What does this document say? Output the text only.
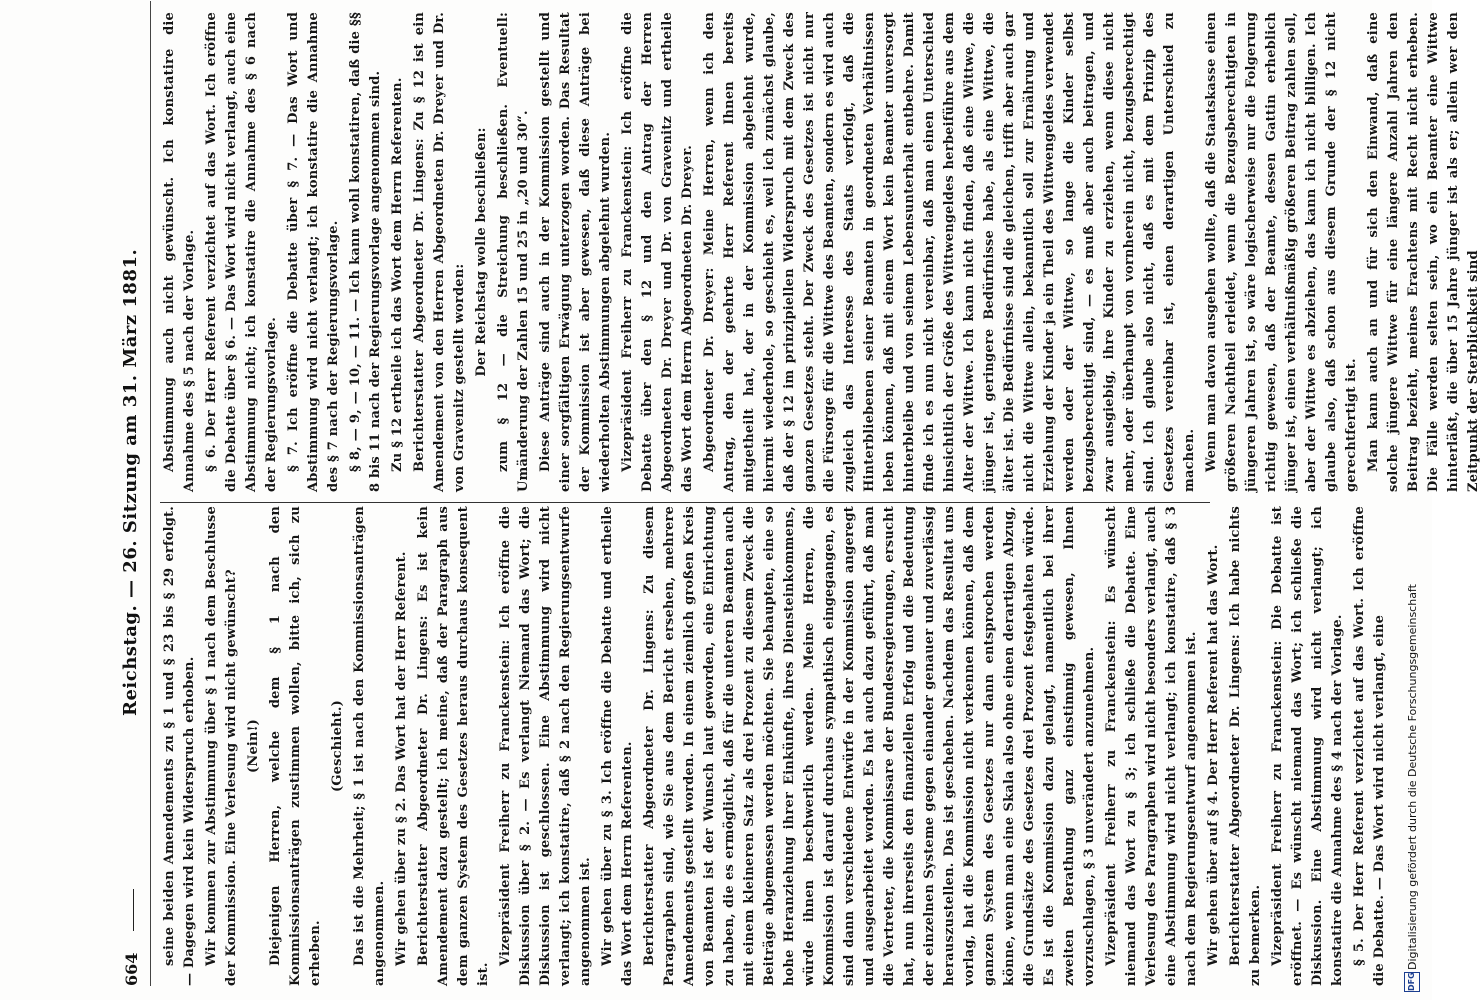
664
Reichstag. — 26. Sitzung am 31. März 1881.

seine beiden Amendements zu § 1 und § 23 bis § 29 erfolgt. — Dagegen wird kein Widerspruch erhoben. Wir kommen zur Abstimmung über § 1 nach dem Beschlusse der Kommission. Eine Verlesung wird nicht gewünscht? (Nein!) Diejenigen Herren, welche dem § 1 nach den Kommissionsanträgen zustimmen wollen, bitte ich, sich zu erheben.

(Geschieht.) Das ist die Mehrheit; § 1 ist nach den Kommissionsanträgen angenommen. Wir gehen über zu § 2. Das Wort hat der Herr Referent. Berichterstatter Abgeordneter Dr. Lingens: Es ist kein Amendement dazu gestellt; ich meine, daß der Paragraph aus dem ganzen System des Gesetzes heraus durchaus konsequent ist.

Vizepräsident Freiherr zu Franckenstein: Ich eröffne die Diskussion über § 2. — Es verlangt Niemand das Wort; die Diskussion ist geschlossen. Eine Abstimmung wird nicht verlangt; ich konstatire, daß § 2 nach den Regierungsentwurfe angenommen ist. Wir gehen über zu § 3. Ich eröffne die Debatte und ertheile das Wort dem Herrn Referenten. Berichterstatter Abgeordneter Dr. Lingens: Zu diesem Paragraphen sind, wie Sie aus dem Bericht ersehen, mehrere Amendements gestellt worden. In einem ziemlich großen Kreis von Beamten ist der Wunsch laut geworden, eine Einrichtung zu haben, die es ermöglicht, daß für die unteren Beamten auch mit einem kleineren Satz als drei Prozent zu diesem Zweck die Beiträge abgemessen werden möchten. Sie behaupten, eine so hohe Heranziehung ihrer Einkünfte, ihres Diensteinkommens, würde ihnen beschwerlich werden. Meine Herren, die Kommission ist darauf durchaus sympathisch eingegangen, es sind dann verschiedene Entwürfe in der Kommission angeregt und ausgearbeitet worden. Es hat auch dazu geführt, daß man die Vertreter, die Kommissare der Bundesregierungen, ersucht hat, nun ihrerseits den finanziellen Erfolg und die Bedeutung der einzelnen Systeme gegen einander genauer und zuverlässig herauszustellen. Das ist geschehen. Nachdem das Resultat uns vorlag, hat die Kommission nicht verkennen können, daß dem ganzen System des Gesetzes nur dann entsprochen werden könne, wenn man eine Skala also ohne einen derartigen Abzug, die Grundsätze des Gesetzes drei Prozent festgehalten würde. Es ist die Kommission dazu gelangt, namentlich bei ihrer zweiten Berathung ganz einstimmig gewesen, Ihnen vorzuschlagen, § 3 unverändert anzunehmen. Vizepräsident Freiherr zu Franckenstein: Es wünscht niemand das Wort zu § 3; ich schließe die Debatte. Eine Verlesung des Paragraphen wird nicht besonders verlangt, auch eine Abstimmung wird nicht verlangt; ich konstatire, daß § 3 nach dem Regierungsentwurf angenommen ist. Wir gehen über auf § 4. Der Herr Referent hat das Wort. Berichterstatter Abgeordneter Dr. Lingens: Ich habe nichts zu bemerken. Vizepräsident Freiherr zu Franckenstein: Die Debatte ist eröffnet. — Es wünscht niemand das Wort; ich schließe die Diskussion. Eine Abstimmung wird nicht verlangt; ich konstatire die Annahme des § 4 nach der Vorlage. § 5. Der Herr Referent verzichtet auf das Wort. Ich eröffne die Debatte. — Das Wort wird nicht verlangt, eine

Abstimmung auch nicht gewünscht. Ich konstatire die Annahme des § 5 nach der Vorlage. § 6. Der Herr Referent verzichtet auf das Wort. Ich eröffne die Debatte über § 6. — Das Wort wird nicht verlangt, auch eine Abstimmung nicht; ich konstatire die Annahme des § 6 nach der Regierungsvorlage. § 7. Ich eröffne die Debatte über § 7. — Das Wort und Abstimmung wird nicht verlangt; ich konstatire die Annahme des § 7 nach der Regierungsvorlage. § 8, — 9, — 10, — 11. — Ich kann wohl konstatiren, daß die §§ 8 bis 11 nach der Regierungsvorlage angenommen sind. Zu § 12 ertheile ich das Wort dem Herrn Referenten. Berichterstatter Abgeordneter Dr. Lingens: Zu § 12 ist ein Amendement von den Herren Abgeordneten Dr. Dreyer und Dr. von Gravenitz gestellt worden:

Der Reichstag wolle beschließen: zum § 12 — die Streichung beschließen. Eventuell: Umänderung der Zahlen 15 und 25 in „20 und 30“. Diese Anträge sind auch in der Kommission gestellt und einer sorgfältigen Erwägung unterzogen worden. Das Resultat der Kommission ist aber gewesen, daß diese Anträge bei wiederholten Abstimmungen abgelehnt wurden. Vizepräsident Freiherr zu Franckenstein: Ich eröffne die Debatte über den § 12 und den Antrag der Herren Abgeordneten Dr. Dreyer und Dr. von Gravenitz und ertheile das Wort dem Herrn Abgeordneten Dr. Dreyer. Abgeordneter Dr. Dreyer: Meine Herren, wenn ich den Antrag, den der geehrte Herr Referent Ihnen bereits mitgetheilt hat, der in der Kommission abgelehnt wurde, hiermit wiederhole, so geschieht es, weil ich zunächst glaube, daß der § 12 im prinzipiellen Widerspruch mit dem Zweck des ganzen Gesetzes steht. Der Zweck des Gesetzes ist nicht nur die Fürsorge für die Wittwe des Beamten, sondern es wird auch zugleich das Interesse des Staats verfolgt, daß die Hinterbliebenen seiner Beamten in geordneten Verhältnissen leben können, daß mit einem Wort kein Beamter unversorgt hinterbleibe und von seinem Lebensunterhalt entbehre. Damit finde ich es nun nicht vereinbar, daß man einen Unterschied hinsichtlich der Größe des Wittwengeldes herbeiführe aus dem Alter der Wittwe. Ich kann nicht finden, daß eine Wittwe, die jünger ist, geringere Bedürfnisse habe, als eine Wittwe, die älter ist. Die Bedürfnisse sind die gleichen, trifft aber auch gar nicht die Wittwe allein, bekanntlich soll zur Ernährung und Erziehung der Kinder ja ein Theil des Wittwengeldes verwendet werden oder der Wittwe, so lange die Kinder selbst bezugsberechtigt sind, — es muß aber auch beitragen, und zwar ausgiebig, ihre Kinder zu erziehen, wenn diese nicht mehr, oder überhaupt von vornherein nicht, bezugsberechtigt sind. Ich glaube also nicht, daß es mit dem Prinzip des Gesetzes vereinbar ist, einen derartigen Unterschied zu machen. Wenn man davon ausgehen wollte, daß die Staatskasse einen größeren Nachtheil erleidet, wenn die Bezugsberechtigten in jüngeren Jahren ist, so wäre logischerweise nur die Folgerung richtig gewesen, daß der Beamte, dessen Gattin erheblich jünger ist, einen verhältnißmäßig größeren Beitrag zahlen soll, aber der Wittwe es abziehen, das kann ich nicht billigen. Ich glaube also, daß schon aus diesem Grunde der § 12 nicht gerechtfertigt ist. Man kann auch an und für sich den Einwand, daß eine solche jüngere Wittwe für eine längere Anzahl Jahren den Beitrag bezieht, meines Erachtens mit Recht nicht erheben. Die Fälle werden selten sein, wo ein Beamter eine Wittwe hinterläßt, die über 15 Jahre jünger ist als er; allein wer den Zeitpunkt der Sterblichkeit sind

DFG
Digitalisierung gefördert durch die Deutsche Forschungsgemeinschaft
